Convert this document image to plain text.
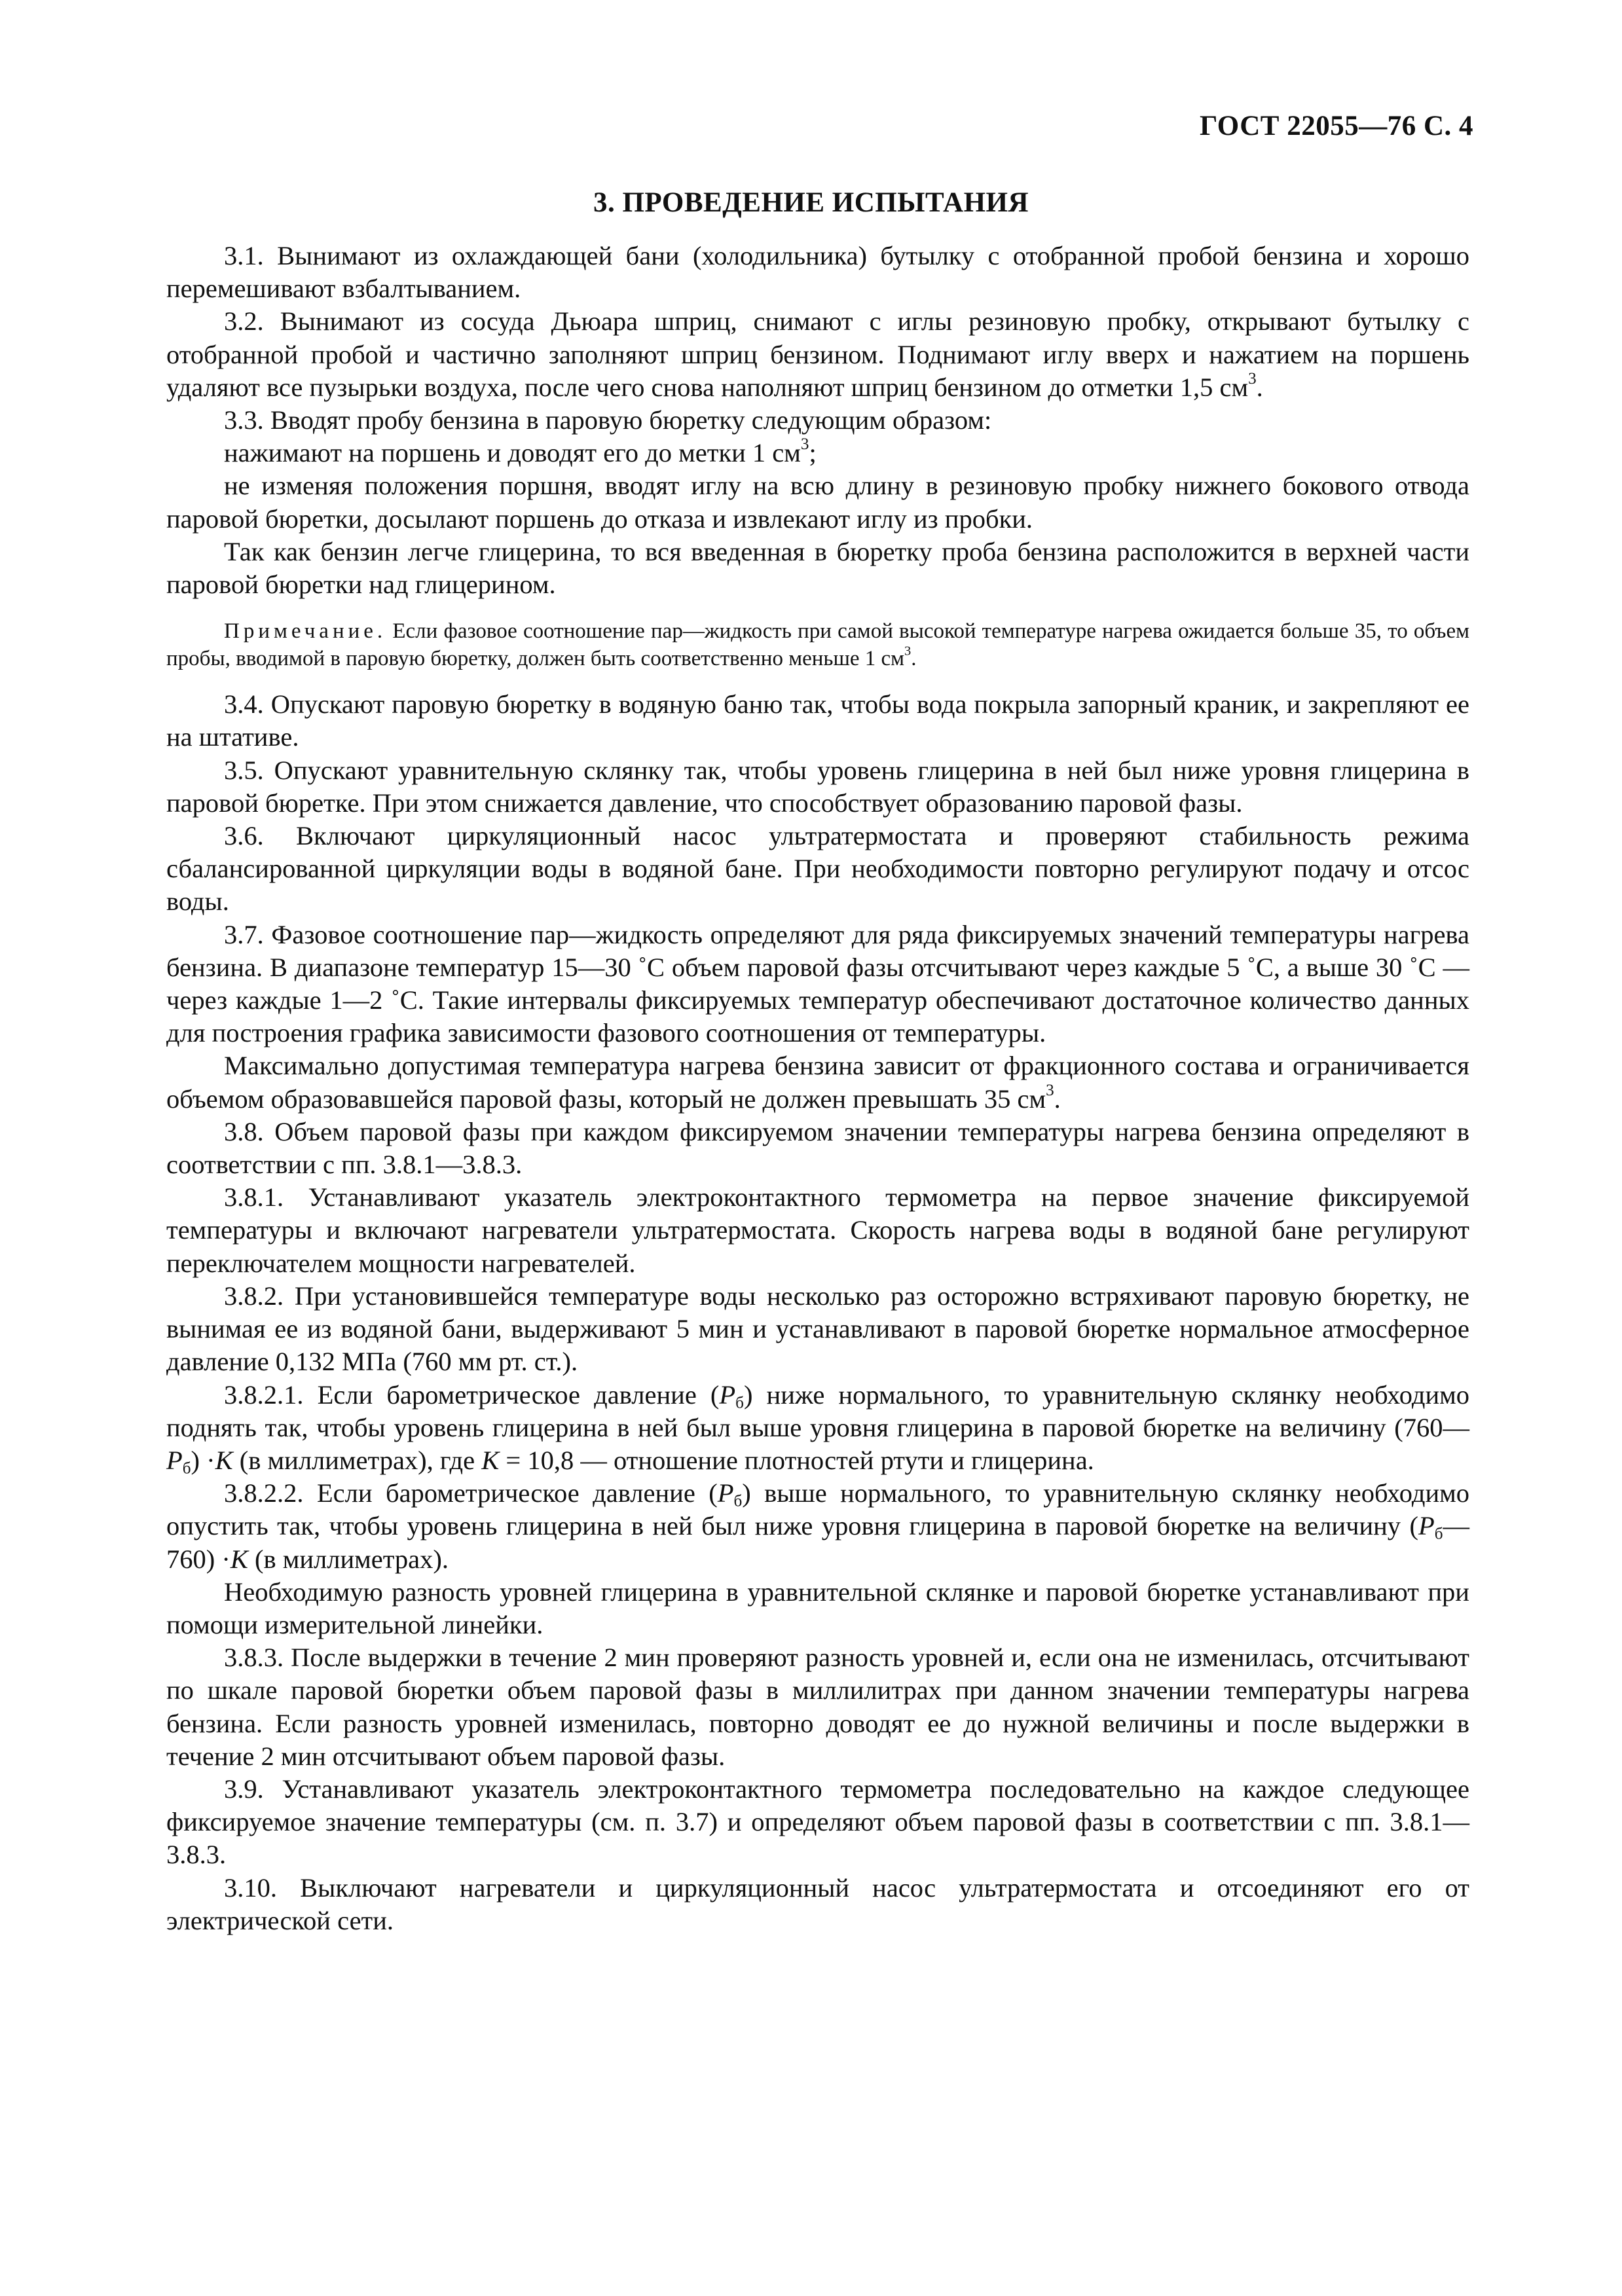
ГОСТ 22055—76 С. 4
3. ПРОВЕДЕНИЕ ИСПЫТАНИЯ

3.1. Вынимают из охлаждающей бани (холодильника) бутылку с отобранной пробой бензина и хорошо перемешивают взбалтыванием.

3.2. Вынимают из сосуда Дьюара шприц, снимают с иглы резиновую пробку, открывают бутылку с отобранной пробой и частично заполняют шприц бензином. Поднимают иглу вверх и нажатием на поршень удаляют все пузырьки воздуха, после чего снова наполняют шприц бензином до отметки 1,5 $см^3$.

3.3. Вводят пробу бензина в паровую бюретку следующим образом:

нажимают на поршень и доводят его до метки 1 $см^3$;

не изменяя положения поршня, вводят иглу на всю длину в резиновую пробку нижнего бокового отвода паровой бюретки, досылают поршень до отказа и извлекают иглу из пробки.

Так как бензин легче глицерина, то вся введенная в бюретку проба бензина расположится в верхней части паровой бюретки над глицерином.

Примечание. Если фазовое соотношение пар—жидкость при самой высокой температуре нагрева ожидается больше 35, то объем пробы, вводимой в паровую бюретку, должен быть соответственно меньше 1 $см^3$.

3.4. Опускают паровую бюретку в водяную баню так, чтобы вода покрыла запорный краник, и закрепляют ее на штативе.

3.5. Опускают уравнительную склянку так, чтобы уровень глицерина в ней был ниже уровня глицерина в паровой бюретке. При этом снижается давление, что способствует образованию паровой фазы.

3.6. Включают циркуляционный насос ультратермостата и проверяют стабильность режима сбалансированной циркуляции воды в водяной бане. При необходимости повторно регулируют подачу и отсос воды.

3.7. Фазовое соотношение пар—жидкость определяют для ряда фиксируемых значений температуры нагрева бензина. В диапазоне температур 15—30 ˚С объем паровой фазы отсчитывают через каждые 5 ˚С, а выше 30 ˚С — через каждые 1—2 ˚С. Такие интервалы фиксируемых температур обеспечивают достаточное количество данных для построения графика зависимости фазового соотношения от температуры.

Максимально допустимая температура нагрева бензина зависит от фракционного состава и ограничивается объемом образовавшейся паровой фазы, который не должен превышать 35 $см^3$.

3.8. Объем паровой фазы при каждом фиксируемом значении температуры нагрева бензина определяют в соответствии с пп. 3.8.1—3.8.3.

3.8.1. Устанавливают указатель электроконтактного термометра на первое значение фиксируемой температуры и включают нагреватели ультратермостата. Скорость нагрева воды в водяной бане регулируют переключателем мощности нагревателей.

3.8.2. При установившейся температуре воды несколько раз осторожно встряхивают паровую бюретку, не вынимая ее из водяной бани, выдерживают 5 мин и устанавливают в паровой бюретке нормальное атмосферное давление 0,132 МПа (760 мм рт. ст.).

3.8.2.1. Если барометрическое давление $(P_б)$ ниже нормального, то уравнительную склянку необходимо поднять так, чтобы уровень глицерина в ней был выше уровня глицерина в паровой бюретке на величину $(760—P_б) \cdot K$ (в миллиметрах), где K = 10,8 — отношение плотностей ртути и глицерина.

3.8.2.2. Если барометрическое давление $(P_б)$ выше нормального, то уравнительную склянку необходимо опустить так, чтобы уровень глицерина в ней был ниже уровня глицерина в паровой бюретке на величину $(P_б—760) \cdot K$ (в миллиметрах).

Необходимую разность уровней глицерина в уравнительной склянке и паровой бюретке устанавливают при помощи измерительной линейки.

3.8.3. После выдержки в течение 2 мин проверяют разность уровней и, если она не изменилась, отсчитывают по шкале паровой бюретки объем паровой фазы в миллилитрах при данном значении температуры нагрева бензина. Если разность уровней изменилась, повторно доводят ее до нужной величины и после выдержки в течение 2 мин отсчитывают объем паровой фазы.

3.9. Устанавливают указатель электроконтактного термометра последовательно на каждое следующее фиксируемое значение температуры (см. п. 3.7) и определяют объем паровой фазы в соответствии с пп. 3.8.1—3.8.3.

3.10. Выключают нагреватели и циркуляционный насос ультратермостата и отсоединяют его от электрической сети.
